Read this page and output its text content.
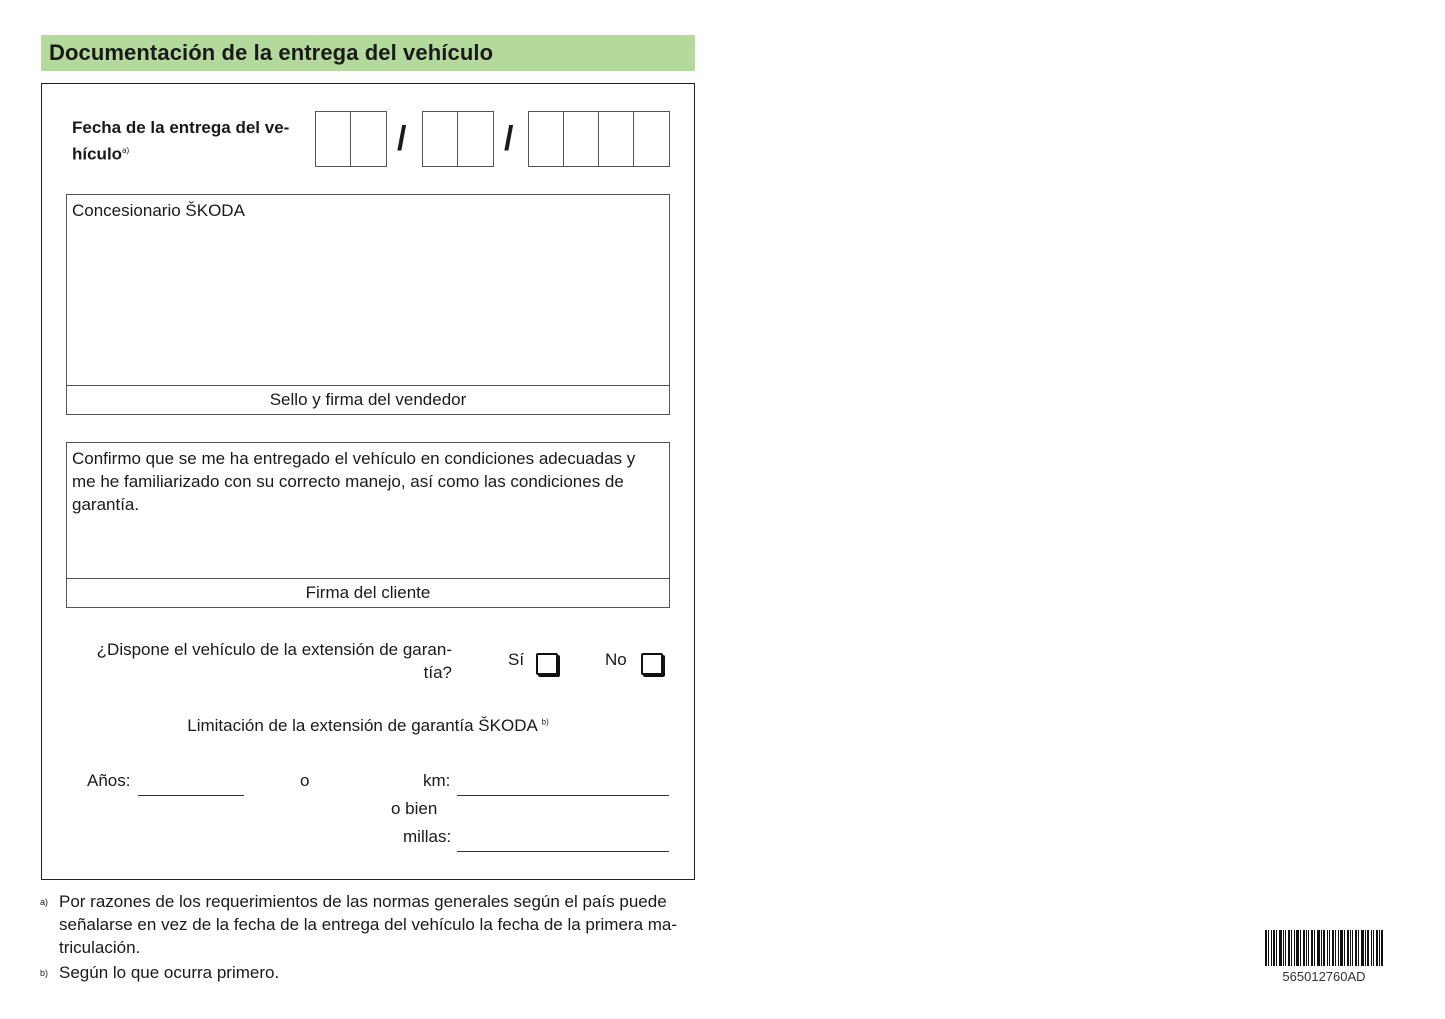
Documentación de la entrega del vehículo
Fecha de la entrega del ve-
hículo$^{a)}$	/	/
Concesionario ŠKODA
Sello y firma del vendedor
Confirmo que se me ha entregado el vehículo en condiciones adecuadas y me he familiarizado con su correcto manejo, así como las condiciones de garantía.
Firma del cliente
¿Dispone el vehículo de la extensión de garan-
tía?
Sí	No
Limitación de la extensión de garantía ŠKODA $^{b)}$
Años:	o	km:
o bien
millas:
a) Por razones de los requerimientos de las normas generales según el país puede señalarse en vez de la fecha de la entrega del vehículo la fecha de la primera ma-triculación.
b) Según lo que ocurra primero.	565012760AD
